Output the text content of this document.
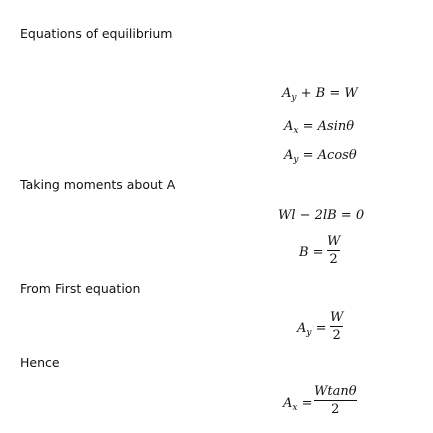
Equations of equilibrium
Taking moments about A
From First equation
Hence
$A_y + B = W$
$A_x = Asin\theta$
$A_y = Acos\theta$
Wl − 2lB = 0
B =
W
2
$A_y$ =
W
2
$A_x$ =
Wtanθ
2
